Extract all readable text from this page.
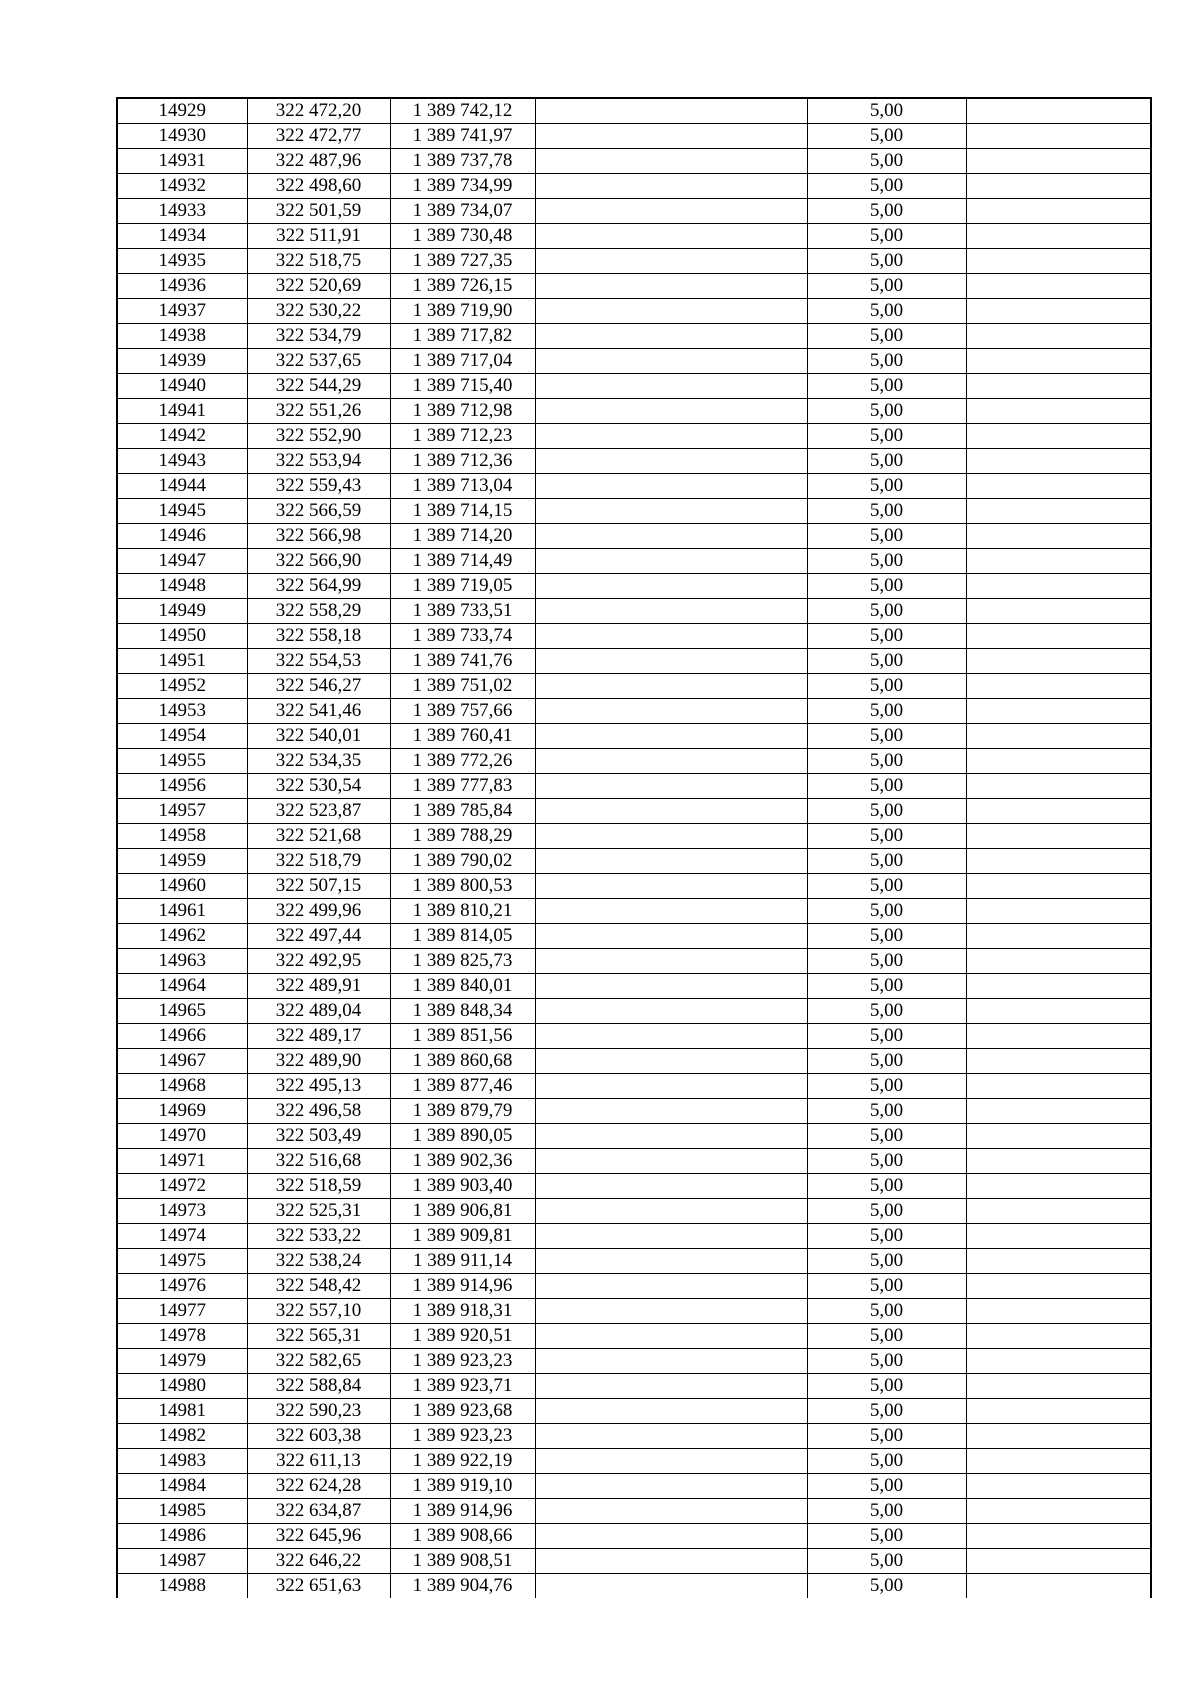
14929	322 472,20	1 389 742,12		5,00	
14930	322 472,77	1 389 741,97		5,00	
14931	322 487,96	1 389 737,78		5,00	
14932	322 498,60	1 389 734,99		5,00	
14933	322 501,59	1 389 734,07		5,00	
14934	322 511,91	1 389 730,48		5,00	
14935	322 518,75	1 389 727,35		5,00	
14936	322 520,69	1 389 726,15		5,00	
14937	322 530,22	1 389 719,90		5,00	
14938	322 534,79	1 389 717,82		5,00	
14939	322 537,65	1 389 717,04		5,00	
14940	322 544,29	1 389 715,40		5,00	
14941	322 551,26	1 389 712,98		5,00	
14942	322 552,90	1 389 712,23		5,00	
14943	322 553,94	1 389 712,36		5,00	
14944	322 559,43	1 389 713,04		5,00	
14945	322 566,59	1 389 714,15		5,00	
14946	322 566,98	1 389 714,20		5,00	
14947	322 566,90	1 389 714,49		5,00	
14948	322 564,99	1 389 719,05		5,00	
14949	322 558,29	1 389 733,51		5,00	
14950	322 558,18	1 389 733,74		5,00	
14951	322 554,53	1 389 741,76		5,00	
14952	322 546,27	1 389 751,02		5,00	
14953	322 541,46	1 389 757,66		5,00	
14954	322 540,01	1 389 760,41		5,00	
14955	322 534,35	1 389 772,26		5,00	
14956	322 530,54	1 389 777,83		5,00	
14957	322 523,87	1 389 785,84		5,00	
14958	322 521,68	1 389 788,29		5,00	
14959	322 518,79	1 389 790,02		5,00	
14960	322 507,15	1 389 800,53		5,00	
14961	322 499,96	1 389 810,21		5,00	
14962	322 497,44	1 389 814,05		5,00	
14963	322 492,95	1 389 825,73		5,00	
14964	322 489,91	1 389 840,01		5,00	
14965	322 489,04	1 389 848,34		5,00	
14966	322 489,17	1 389 851,56		5,00	
14967	322 489,90	1 389 860,68		5,00	
14968	322 495,13	1 389 877,46		5,00	
14969	322 496,58	1 389 879,79		5,00	
14970	322 503,49	1 389 890,05		5,00	
14971	322 516,68	1 389 902,36		5,00	
14972	322 518,59	1 389 903,40		5,00	
14973	322 525,31	1 389 906,81		5,00	
14974	322 533,22	1 389 909,81		5,00	
14975	322 538,24	1 389 911,14		5,00	
14976	322 548,42	1 389 914,96		5,00	
14977	322 557,10	1 389 918,31		5,00	
14978	322 565,31	1 389 920,51		5,00	
14979	322 582,65	1 389 923,23		5,00	
14980	322 588,84	1 389 923,71		5,00	
14981	322 590,23	1 389 923,68		5,00	
14982	322 603,38	1 389 923,23		5,00	
14983	322 611,13	1 389 922,19		5,00	
14984	322 624,28	1 389 919,10		5,00	
14985	322 634,87	1 389 914,96		5,00	
14986	322 645,96	1 389 908,66		5,00	
14987	322 646,22	1 389 908,51		5,00	
14988	322 651,63	1 389 904,76		5,00	
